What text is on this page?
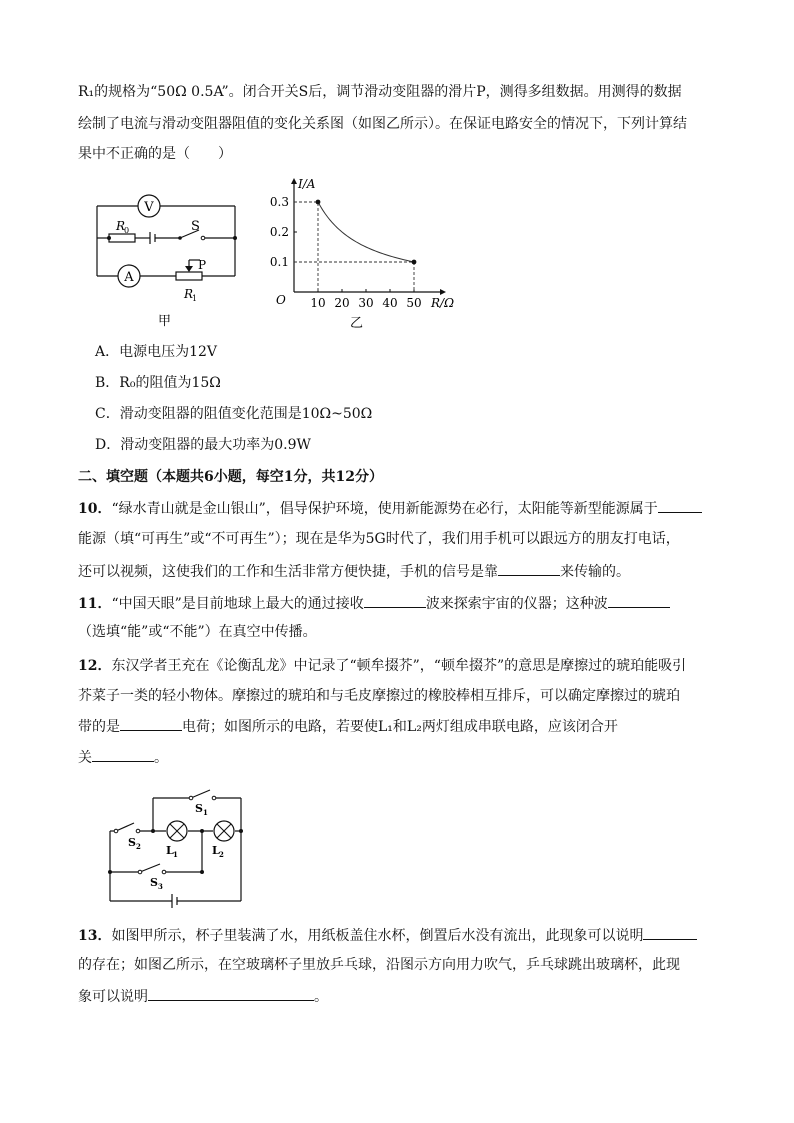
R₁的规格为“50Ω 0.5A”。闭合开关S后，调节滑动变阻器的滑片P，测得多组数据。用测得的数据
绘制了电流与滑动变阻器阻值的变化关系图（如图乙所示）。在保证电路安全的情况下，下列计算结
果中不正确的是（　　）
V
A
R
0	S
P
R
1
甲
10 20 30 40 50
0.1
0.2
0.3
O
I/A
R/Ω
乙
A．电源电压为12V
B．R₀的阻值为15Ω
C．滑动变阻器的阻值变化范围是10Ω~50Ω
D．滑动变阻器的最大功率为0.9W
二、填空题（本题共6小题，每空1分，共12分）
10．“绿水青山就是金山银山”，倡导保护环境，使用新能源势在必行，太阳能等新型能源属于
能源（填“可再生”或“不可再生”）；现在是华为5G时代了，我们用手机可以跟远方的朋友打电话，
还可以视频，这使我们的工作和生活非常方便快捷，手机的信号是靠	来传输的。
11．“中国天眼”是目前地球上最大的通过接收	波来探索宇宙的仪器；这种波
（选填“能”或“不能”）在真空中传播。
12．东汉学者王充在《论衡乱龙》中记录了“顿牟掇芥”，“顿牟掇芥”的意思是摩擦过的琥珀能吸引
芥菜子一类的轻小物体。摩擦过的琥珀和与毛皮摩擦过的橡胶棒相互排斥，可以确定摩擦过的琥珀
带的是	电荷；如图所示的电路，若要使L₁和L₂两灯组成串联电路，应该闭合开
关	。
S 1
S 2 L 1	L 2
S 3
13．如图甲所示，杯子里装满了水，用纸板盖住水杯，倒置后水没有流出，此现象可以说明
的存在；如图乙所示，在空玻璃杯子里放乒乓球，沿图示方向用力吹气，乒乓球跳出玻璃杯，此现
象可以说明	。
